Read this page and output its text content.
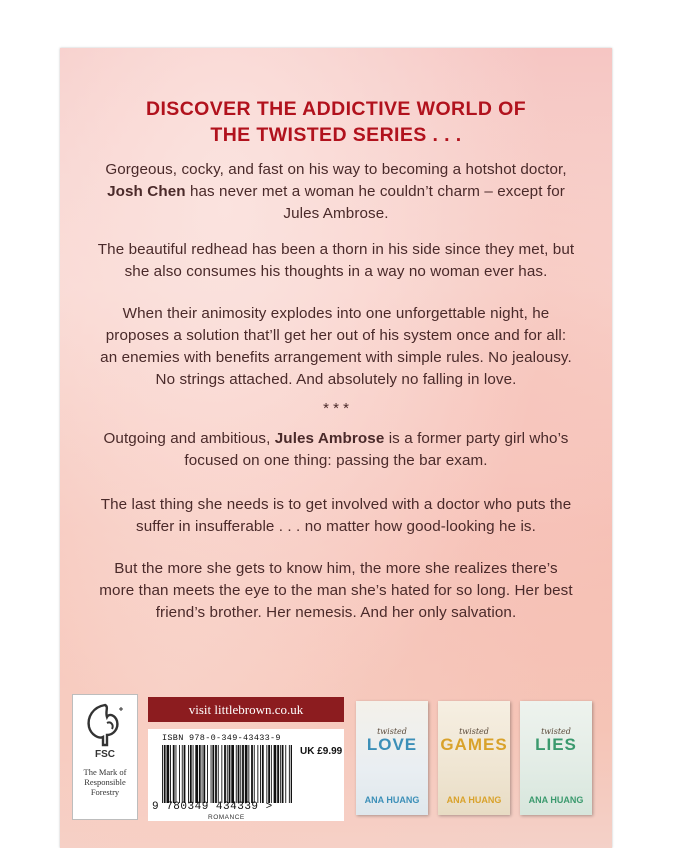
DISCOVER THE ADDICTIVE WORLD OF
THE TWISTED SERIES . . .
Gorgeous, cocky, and fast on his way to becoming a hotshot doctor,
Josh Chen has never met a woman he couldn’t charm – except for
Jules Ambrose.
The beautiful redhead has been a thorn in his side since they met, but
she also consumes his thoughts in a way no woman ever has.
When their animosity explodes into one unforgettable night, he
proposes a solution that’ll get her out of his system once and for all:
an enemies with benefits arrangement with simple rules. No jealousy.
No strings attached. And absolutely no falling in love.
* * *
Outgoing and ambitious, Jules Ambrose is a former party girl who’s
focused on one thing: passing the bar exam.
The last thing she needs is to get involved with a doctor who puts the
suffer in insufferable . . . no matter how good-looking he is.
But the more she gets to know him, the more she realizes there’s
more than meets the eye to the man she’s hated for so long. Her best
friend’s brother. Her nemesis. And her only salvation.
FSC
The Mark of
Responsible
Forestry
visit littlebrown.co.uk
ISBN 978-0-349-43433-9
UK £9.99
9 780349 434339 >
ROMANCE
twisted
LOVE
ANA HUANG
twisted
GAMES
ANA HUANG
twisted
LIES
ANA HUANG
